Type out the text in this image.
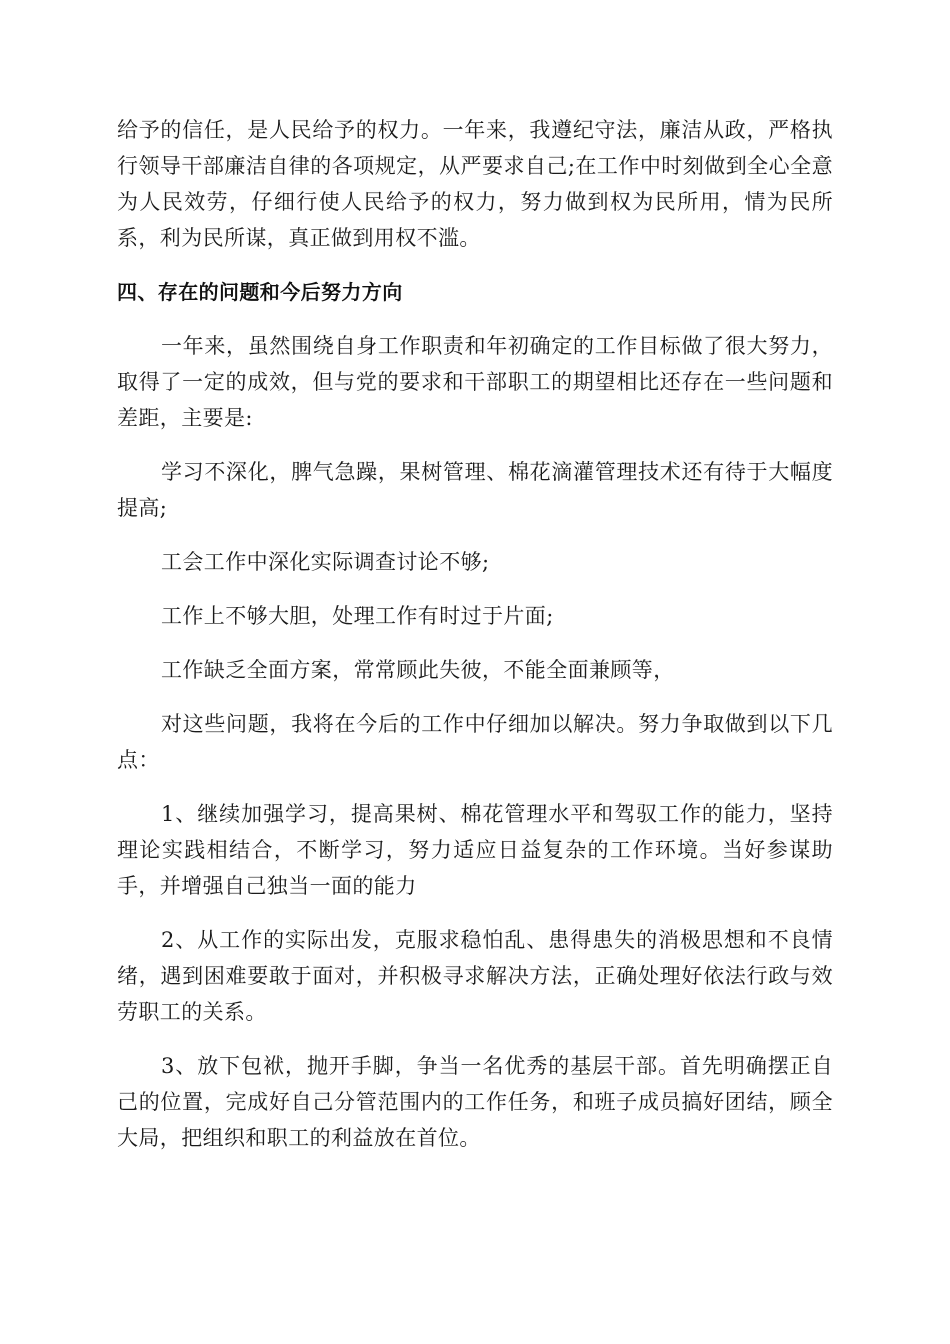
给予的信任，是人民给予的权力。一年来，我遵纪守法，廉洁从政，严格执行领导干部廉洁自律的各项规定，从严要求自己;在工作中时刻做到全心全意为人民效劳，仔细行使人民给予的权力，努力做到权为民所用，情为民所系，利为民所谋，真正做到用权不滥。

四、存在的问题和今后努力方向

一年来，虽然围绕自身工作职责和年初确定的工作目标做了很大努力，取得了一定的成效，但与党的要求和干部职工的期望相比还存在一些问题和差距，主要是:

学习不深化，脾气急躁，果树管理、棉花滴灌管理技术还有待于大幅度提高;

工会工作中深化实际调查讨论不够;

工作上不够大胆，处理工作有时过于片面;

工作缺乏全面方案，常常顾此失彼，不能全面兼顾等，

对这些问题，我将在今后的工作中仔细加以解决。努力争取做到以下几点：

1、继续加强学习，提高果树、棉花管理水平和驾驭工作的能力，坚持理论实践相结合，不断学习，努力适应日益复杂的工作环境。当好参谋助手，并增强自己独当一面的能力

2、从工作的实际出发，克服求稳怕乱、患得患失的消极思想和不良情绪，遇到困难要敢于面对，并积极寻求解决方法，正确处理好依法行政与效劳职工的关系。

3、放下包袱，抛开手脚，争当一名优秀的基层干部。首先明确摆正自己的位置，完成好自己分管范围内的工作任务，和班子成员搞好团结，顾全大局，把组织和职工的利益放在首位。
